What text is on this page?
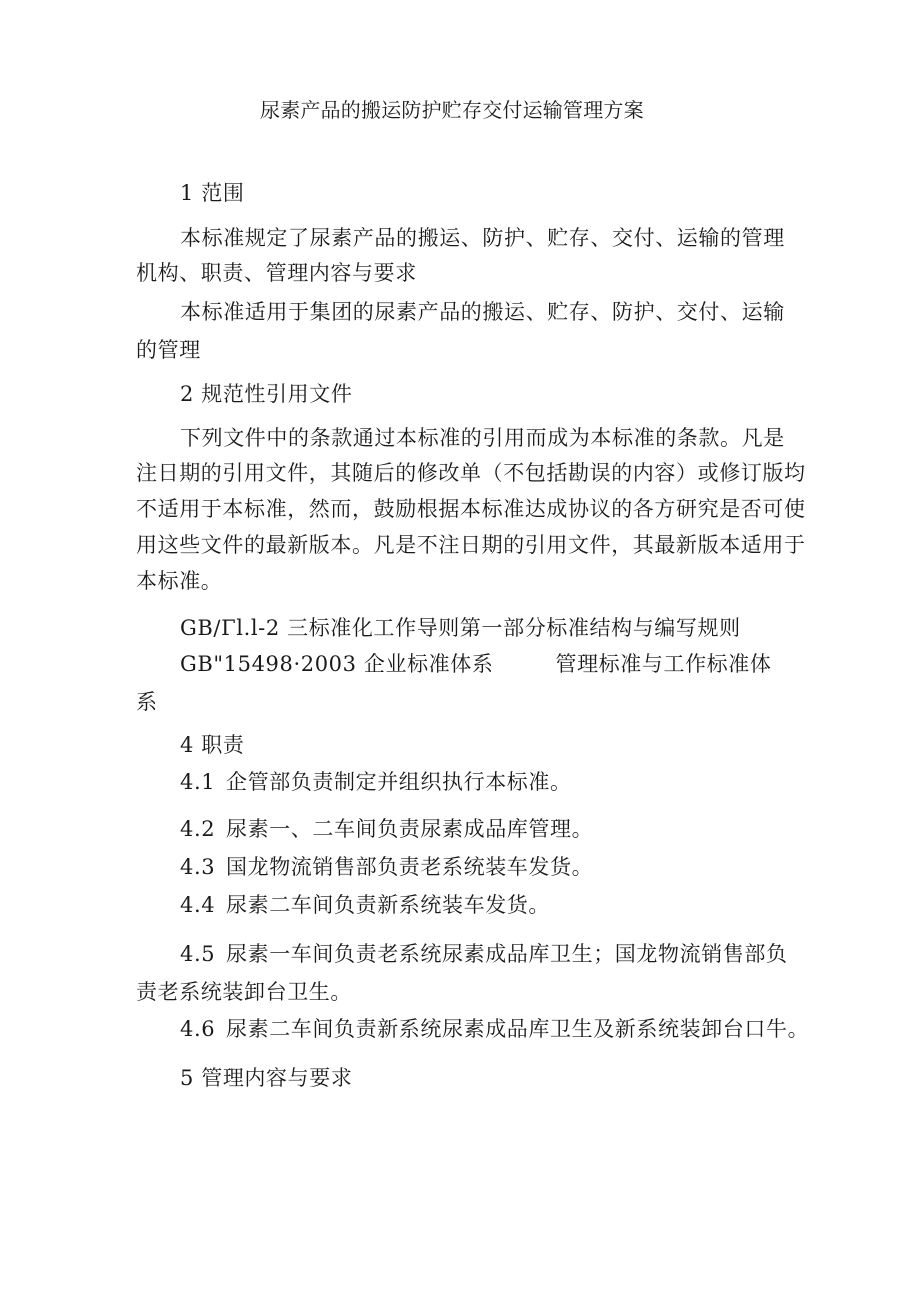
尿素产品的搬运防护贮存交付运输管理方案
1 范围
本标准规定了尿素产品的搬运、防护、贮存、交付、运输的管理
机构、职责、管理内容与要求
本标准适用于集团的尿素产品的搬运、贮存、防护、交付、运输
的管理
2 规范性引用文件
下列文件中的条款通过本标准的引用而成为本标准的条款。凡是
注日期的引用文件，其随后的修改单（不包括勘误的内容）或修订版均
不适用于本标准，然而，鼓励根据本标准达成协议的各方研究是否可使
用这些文件的最新版本。凡是不注日期的引用文件，其最新版本适用于
本标准。
GB∕Γl.l-2 三标准化工作导则第一部分标准结构与编写规则
GB"15498·2003 企业标准体系	管理标准与工作标准体
系
4 职责
4.1 企管部负责制定并组织执行本标准。
4.2 尿素一、二车间负责尿素成品库管理。
4.3 国龙物流销售部负责老系统装车发货。
4.4 尿素二车间负责新系统装车发货。
4.5 尿素一车间负责老系统尿素成品库卫生；国龙物流销售部负
责老系统装卸台卫生。
4.6 尿素二车间负责新系统尿素成品库卫生及新系统装卸台口牛。
5 管理内容与要求
